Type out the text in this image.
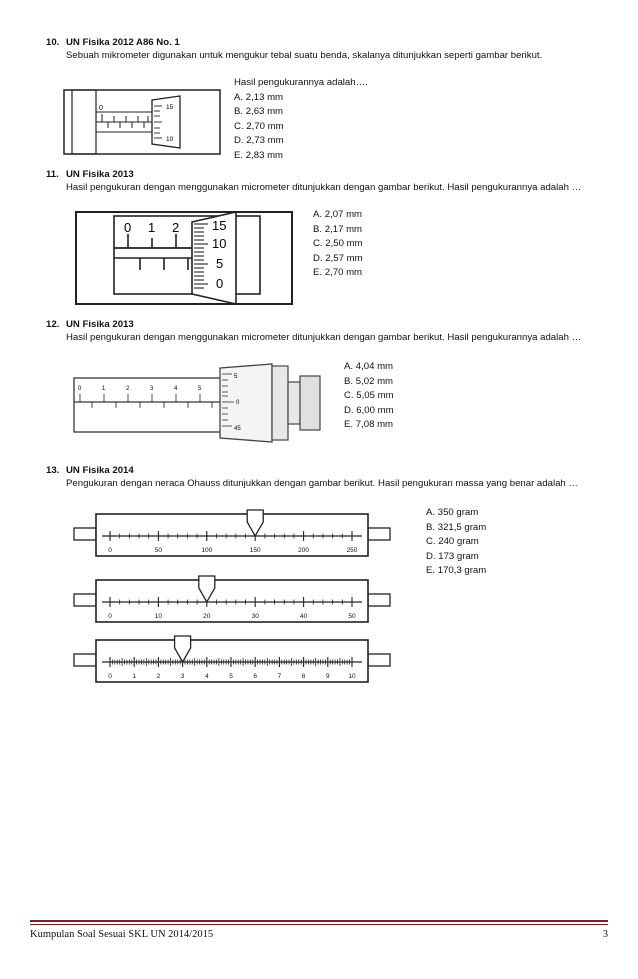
10. UN Fisika 2012 A86 No. 1
Sebuah mikrometer digunakan untuk mengukur tebal suatu benda, skalanya ditunjukkan seperti gambar berikut.
Hasil pengukurannya adalah….
A. 2,13 mm
B. 2,63 mm
C. 2,70 mm
D. 2,73 mm
E. 2,83 mm
0	15
10
11. UN Fisika 2013
Hasil pengukuran dengan menggunakan micrometer ditunjukkan dengan gambar berikut. Hasil pengukurannya adalah …
A. 2,07 mm
B. 2,17 mm
C. 2,50 mm
D. 2,57 mm
E. 2,70 mm
0 1 2	15
10
5
0
12. UN Fisika 2013
Hasil pengukuran dengan menggunakan micrometer ditunjukkan dengan gambar berikut. Hasil pengukurannya adalah …
A. 4,04 mm
B. 5,02 mm
C. 5,05 mm
D. 6,00 mm
E. 7,08 mm
0	1	2	3	4	5
5
0
45
13. UN Fisika 2014
Pengukuran dengan neraca Ohauss ditunjukkan dengan gambar berikut. Hasil pengukuran massa yang benar adalah …
A. 350 gram
B. 321,5 gram
C. 240 gram
D. 173 gram
E. 170,3 gram
0	50	100	150	200	250
0	10	20	30	40	50
0	1	2	3	4	5	6	7	8	9	10
Kumpulan Soal Sesuai SKL UN 2014/2015	3
